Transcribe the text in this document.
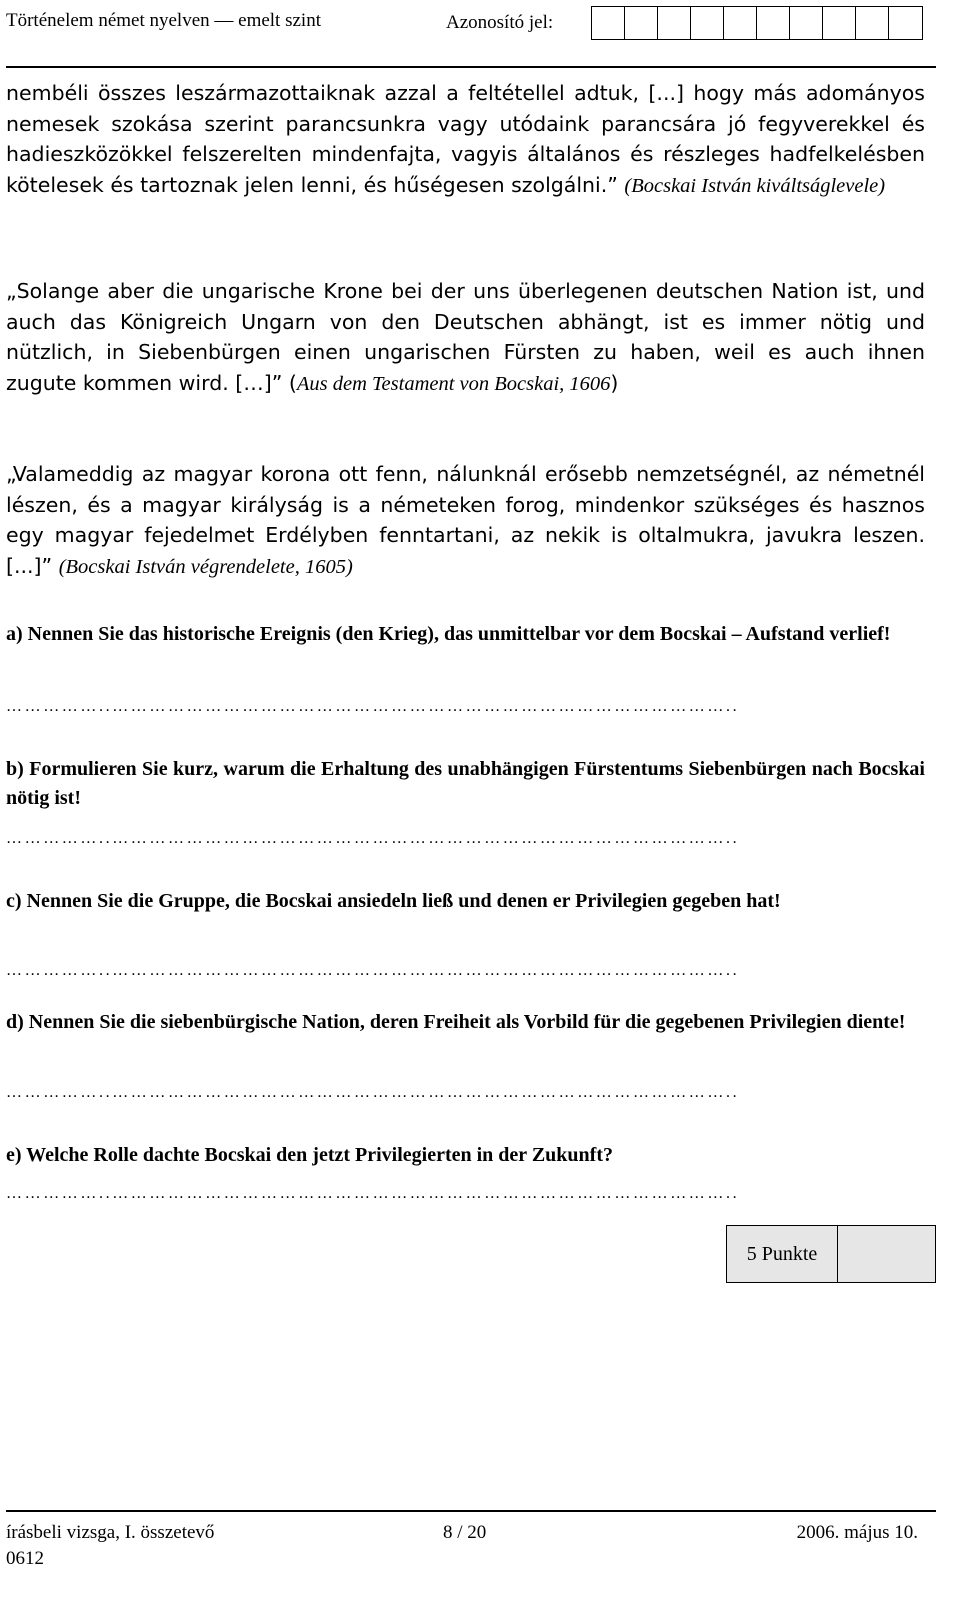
Történelem német nyelven — emelt szint	Azonosító jel:

nembéli összes leszármazottaiknak azzal a feltétellel adtuk, [...] hogy más adományos nemesek szokása szerint parancsunkra vagy utódaink parancsára jó fegyverekkel és hadieszközökkel felszerelten mindenfajta, vagyis általános és részleges hadfelkelésben kötelesek és tartoznak jelen lenni, és hűségesen szolgálni.” (Bocskai István kiváltságlevele)

„Solange aber die ungarische Krone bei der uns überlegenen deutschen Nation ist, und auch das Königreich Ungarn von den Deutschen abhängt, ist es immer nötig und nützlich, in Siebenbürgen einen ungarischen Fürsten zu haben, weil es auch ihnen zugute kommen wird. […]” (Aus dem Testament von Bocskai, 1606)

„Valameddig az magyar korona ott fenn, nálunknál erősebb nemzetségnél, az németnél lészen, és a magyar királyság is a németeken forog, mindenkor szükséges és hasznos egy magyar fejedelmet Erdélyben fenntartani, az nekik is oltalmukra, javukra leszen. [...]” (Bocskai István végrendelete, 1605)

a) Nennen Sie das historische Ereignis (den Krieg), das unmittelbar vor dem Bocskai – Aufstand verlief!

……………..………………………………………………………………………………………..

b) Formulieren Sie kurz, warum die Erhaltung des unabhängigen Fürstentums Siebenbürgen nach Bocskai nötig ist!

……………..………………………………………………………………………………………..

c) Nennen Sie die Gruppe, die Bocskai ansiedeln ließ und denen er Privilegien gegeben hat!

……………..………………………………………………………………………………………..

d) Nennen Sie die siebenbürgische Nation, deren Freiheit als Vorbild für die gegebenen Privilegien diente!

……………..………………………………………………………………………………………..

e) Welche Rolle dachte Bocskai den jetzt Privilegierten in der Zukunft?

……………..………………………………………………………………………………………..
5 Punkte
írásbeli vizsga, I. összetevő	8 / 20	2006. május 10.
0612
